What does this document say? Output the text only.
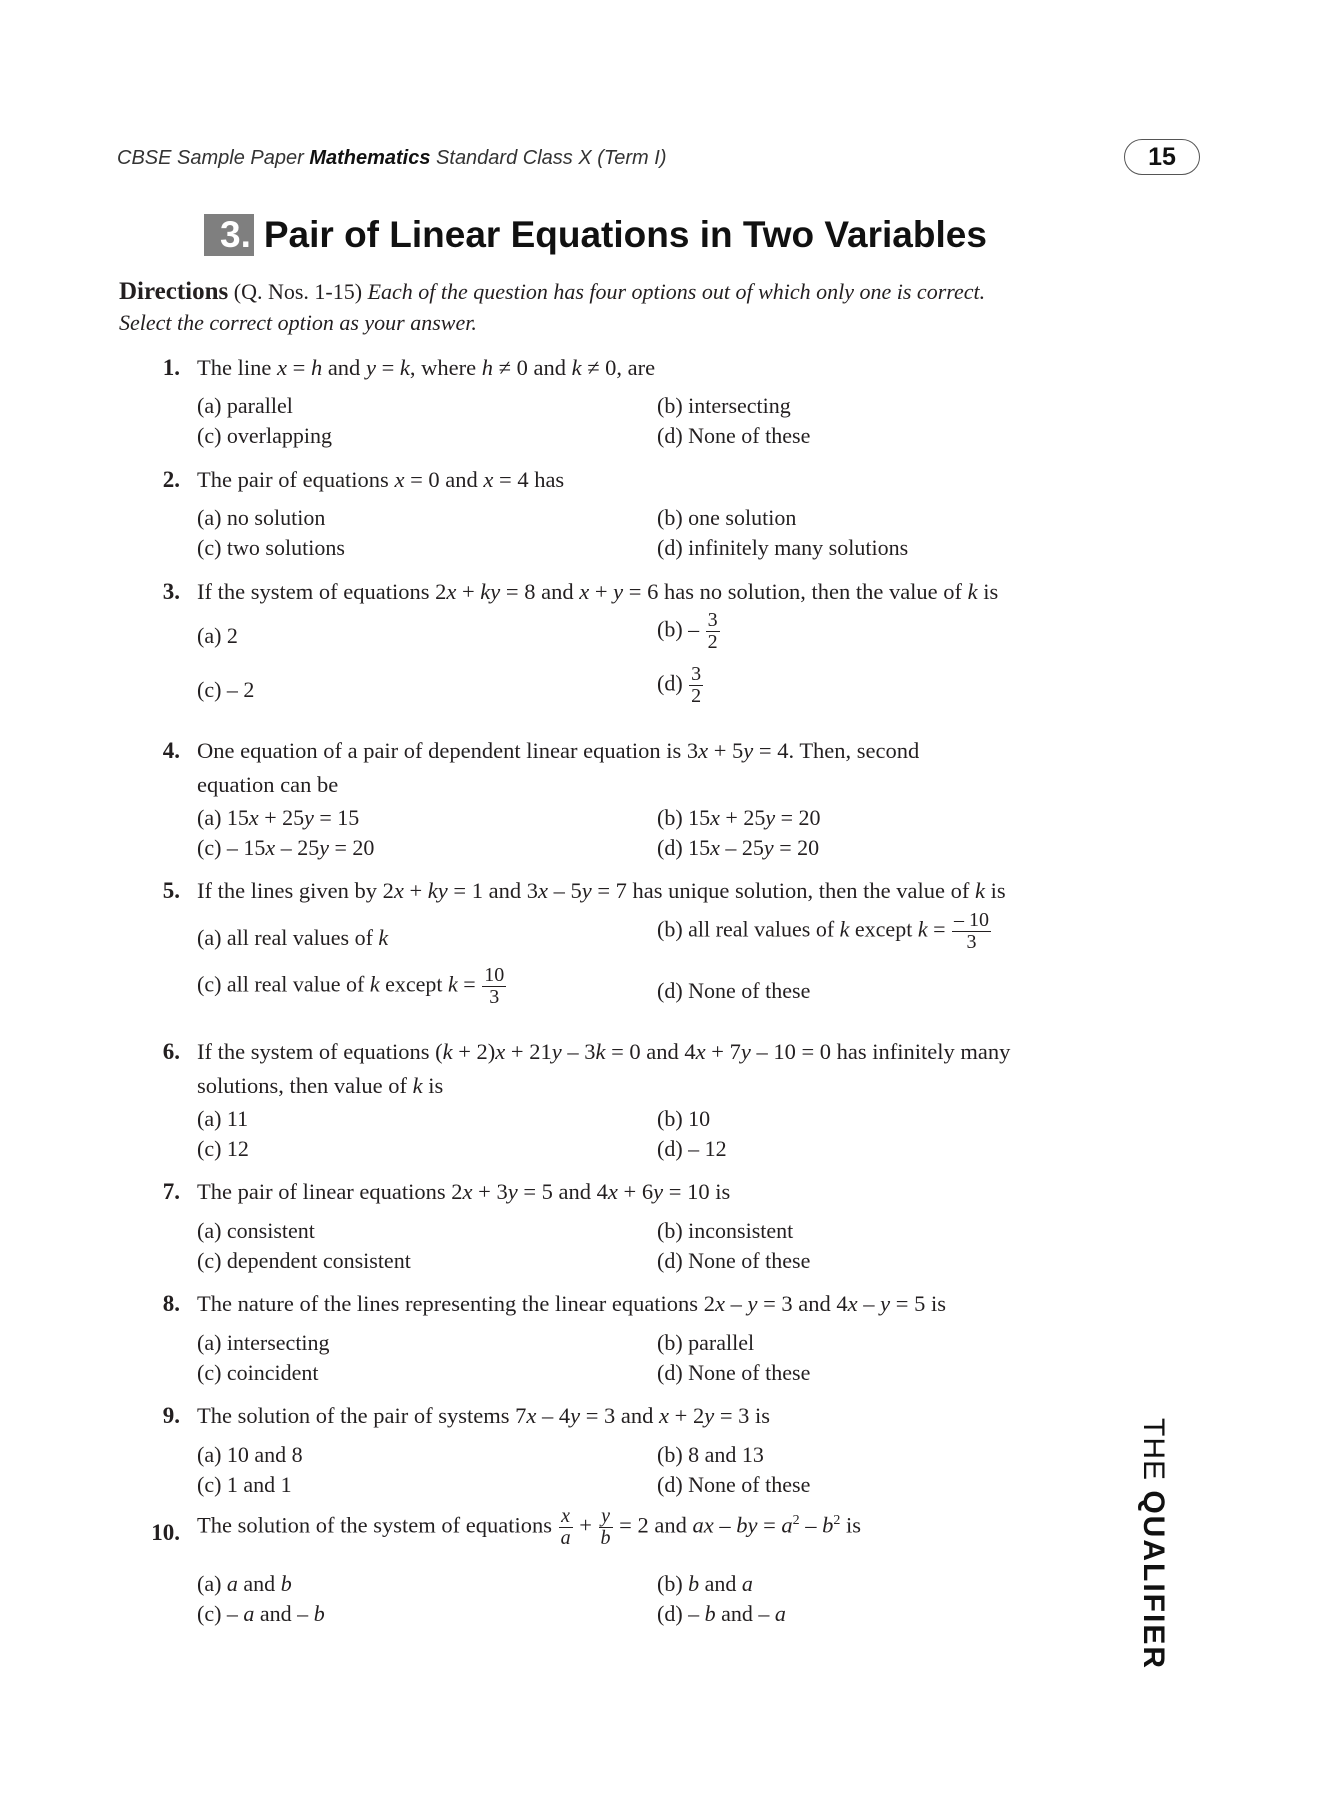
CBSE Sample Paper Mathematics Standard Class X (Term I)	15
3. Pair of Linear Equations in Two Variables
Directions (Q. Nos. 1-15) Each of the question has four options out of which only one is correct.
Select the correct option as your answer.
1. The line x = h and y = k, where h ≠ 0 and k ≠ 0, are
(a) parallel	(b) intersecting
(c) overlapping	(d) None of these
2. The pair of equations x = 0 and x = 4 has
(a) no solution	(b) one solution
(c) two solutions	(d) infinitely many solutions
3. If the system of equations 2x + ky = 8 and x + y = 6 has no solution, then the value of k is
(a) 2	$(b) - \frac{3}{2}$
(c) – 2	$(d) \frac{3}{2}$
4. One equation of a pair of dependent linear equation is 3x + 5y = 4. Then, second
equation can be
(a) 15x + 25y = 15	(b) 15x + 25y = 20
(c) – 15x – 25y = 20	(d) 15x – 25y = 20
5. If the lines given by 2x + ky = 1 and 3x – 5y = 7 has unique solution, then the value of k is
(a) all real values of k	(b) all real values of k except $k = \frac{- 10}{3}$
(c) all real value of k except $k = \frac{10}{3}$	(d) None of these
6. If the system of equations (k + 2)x + 21y – 3k = 0 and 4x + 7y – 10 = 0 has infinitely many
solutions, then value of k is
(a) 11	(b) 10
(c) 12	(d) – 12
7. The pair of linear equations 2x + 3y = 5 and 4x + 6y = 10 is
(a) consistent	(b) inconsistent
(c) dependent consistent	(d) None of these
8. The nature of the lines representing the linear equations 2x – y = 3 and 4x – y = 5 is
(a) intersecting	(b) parallel
(c) coincident	(d) None of these
9. The solution of the pair of systems 7x – 4y = 3 and x + 2y = 3 is
(a) 10 and 8	(b) 8 and 13
(c) 1 and 1	(d) None of these
10. The solution of the system of equations $\frac{x}{a} + \frac{y}{b} = 2$ and ax – by = $a^2 - b^2$ is
(a) a and b	(b) b and a
(c) – a and – b	(d) – b and – a
THE QUALIFIER
